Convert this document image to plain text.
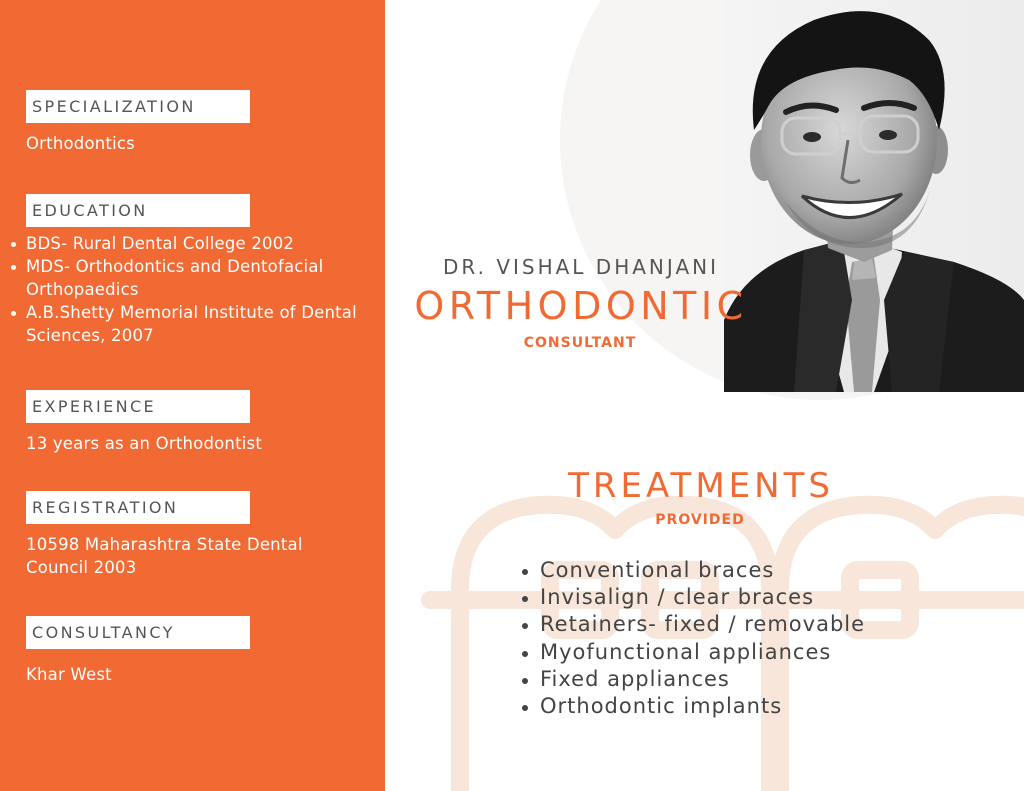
SPECIALIZATION
Orthodontics
EDUCATION
BDS- Rural Dental College 2002
MDS- Orthodontics and Dentofacial Orthopaedics
A.B.Shetty Memorial Institute of Dental Sciences, 2007
EXPERIENCE
13 years as an Orthodontist
REGISTRATION
10598 Maharashtra State Dental Council 2003
CONSULTANCY
Khar West
DR. VISHAL DHANJANI
ORTHODONTIC
CONSULTANT
TREATMENTS
PROVIDED
Conventional braces
Invisalign / clear braces
Retainers- fixed / removable
Myofunctional appliances
Fixed appliances
Orthodontic implants
